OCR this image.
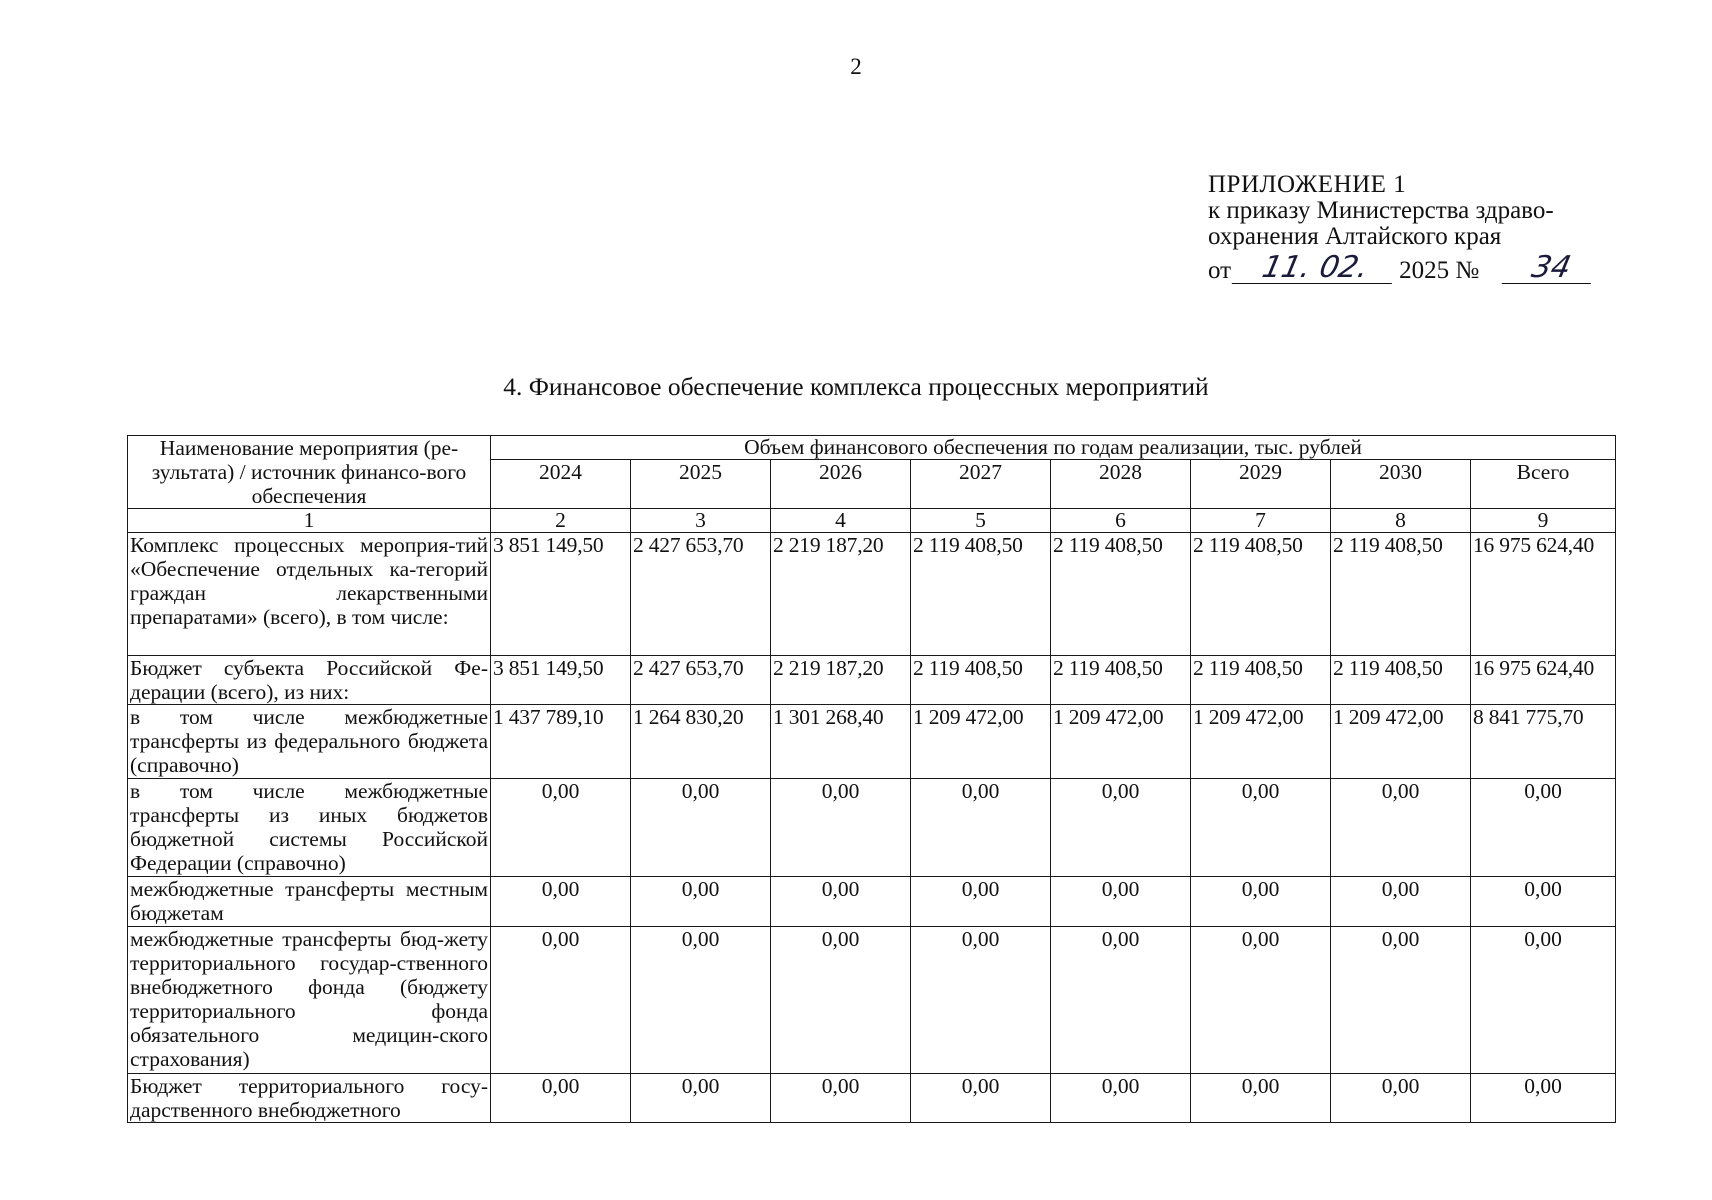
2
ПРИЛОЖЕНИЕ 1
к приказу Министерства здраво-
охранения Алтайского края
от 11. 02.	2025 №	34
4. Финансовое обеспечение комплекса процессных мероприятий
Наименование мероприятия (ре-зультата) / источник финансо-вого обеспечения	Объем финансового обеспечения по годам реализации, тыс. рублей							
	2024	2025	2026	2027	2028	2029	2030	Всего
1	2	3	4	5	6	7	8	9
Комплекс процессных мероприя-тий «Обеспечение отдельных ка-тегорий граждан лекарственными препаратами» (всего), в том числе:	3 851 149,50	2 427 653,70	2 219 187,20	2 119 408,50	2 119 408,50	2 119 408,50	2 119 408,50	16 975 624,40
Бюджет субъекта Российской Фе-дерации (всего), из них:	3 851 149,50	2 427 653,70	2 219 187,20	2 119 408,50	2 119 408,50	2 119 408,50	2 119 408,50	16 975 624,40
в том числе межбюджетные трансферты из федерального бюджета (справочно)	1 437 789,10	1 264 830,20	1 301 268,40	1 209 472,00	1 209 472,00	1 209 472,00	1 209 472,00	8 841 775,70
в том числе межбюджетные трансферты из иных бюджетов бюджетной системы Российской Федерации (справочно)	0,00	0,00	0,00	0,00	0,00	0,00	0,00	0,00
межбюджетные трансферты местным бюджетам	0,00	0,00	0,00	0,00	0,00	0,00	0,00	0,00
межбюджетные трансферты бюд-жету территориального государ-ственного внебюджетного фонда (бюджету территориального фонда обязательного медицин-ского страхования)	0,00	0,00	0,00	0,00	0,00	0,00	0,00	0,00
Бюджет территориального госу-дарственного внебюджетного	0,00	0,00	0,00	0,00	0,00	0,00	0,00	0,00
